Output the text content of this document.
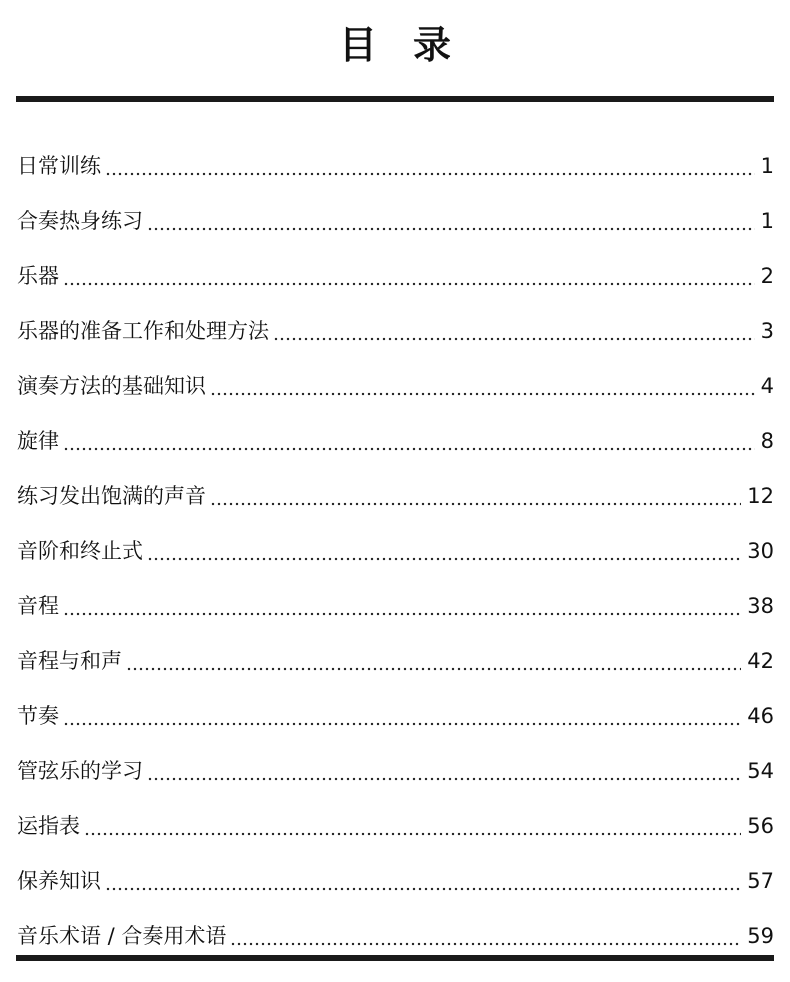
目 录
日常训练	1
合奏热身练习	1
乐器	2
乐器的准备工作和处理方法	3
演奏方法的基础知识	4
旋律	8
练习发出饱满的声音	12
音阶和终止式	30
音程	38
音程与和声	42
节奏	46
管弦乐的学习	54
运指表	56
保养知识	57
音乐术语 / 合奏用术语	59
